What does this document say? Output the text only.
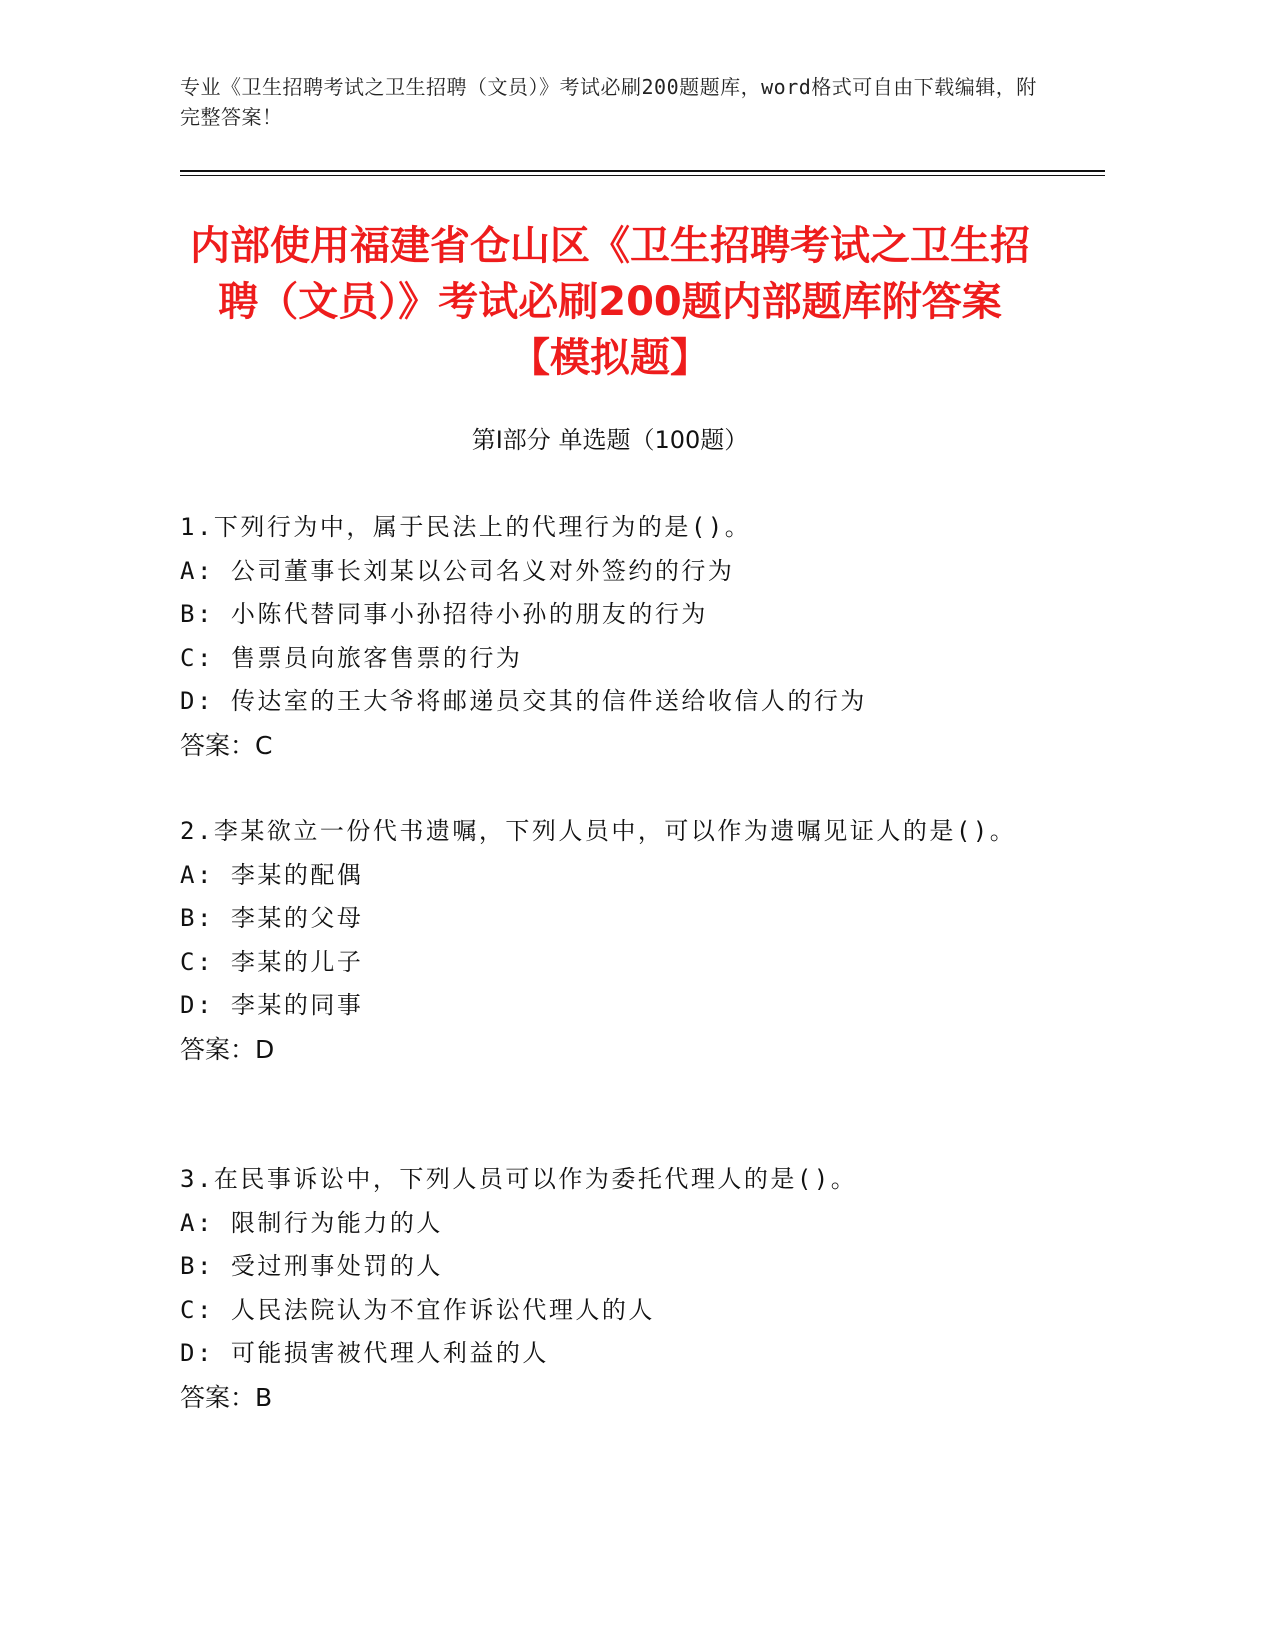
专业《卫生招聘考试之卫生招聘（文员）》考试必刷200题题库，word格式可自由下载编辑，附完整答案！
内部使用福建省仓山区《卫生招聘考试之卫生招聘（文员）》考试必刷200题内部题库附答案【模拟题】
第I部分 单选题（100题）
1.下列行为中，属于民法上的代理行为的是()。
A: 公司董事长刘某以公司名义对外签约的行为
B: 小陈代替同事小孙招待小孙的朋友的行为
C: 售票员向旅客售票的行为
D: 传达室的王大爷将邮递员交其的信件送给收信人的行为
答案：C
2.李某欲立一份代书遗嘱，下列人员中，可以作为遗嘱见证人的是()。
A: 李某的配偶
B: 李某的父母
C: 李某的儿子
D: 李某的同事
答案：D
3.在民事诉讼中，下列人员可以作为委托代理人的是()。
A: 限制行为能力的人
B: 受过刑事处罚的人
C: 人民法院认为不宜作诉讼代理人的人
D: 可能损害被代理人利益的人
答案：B
